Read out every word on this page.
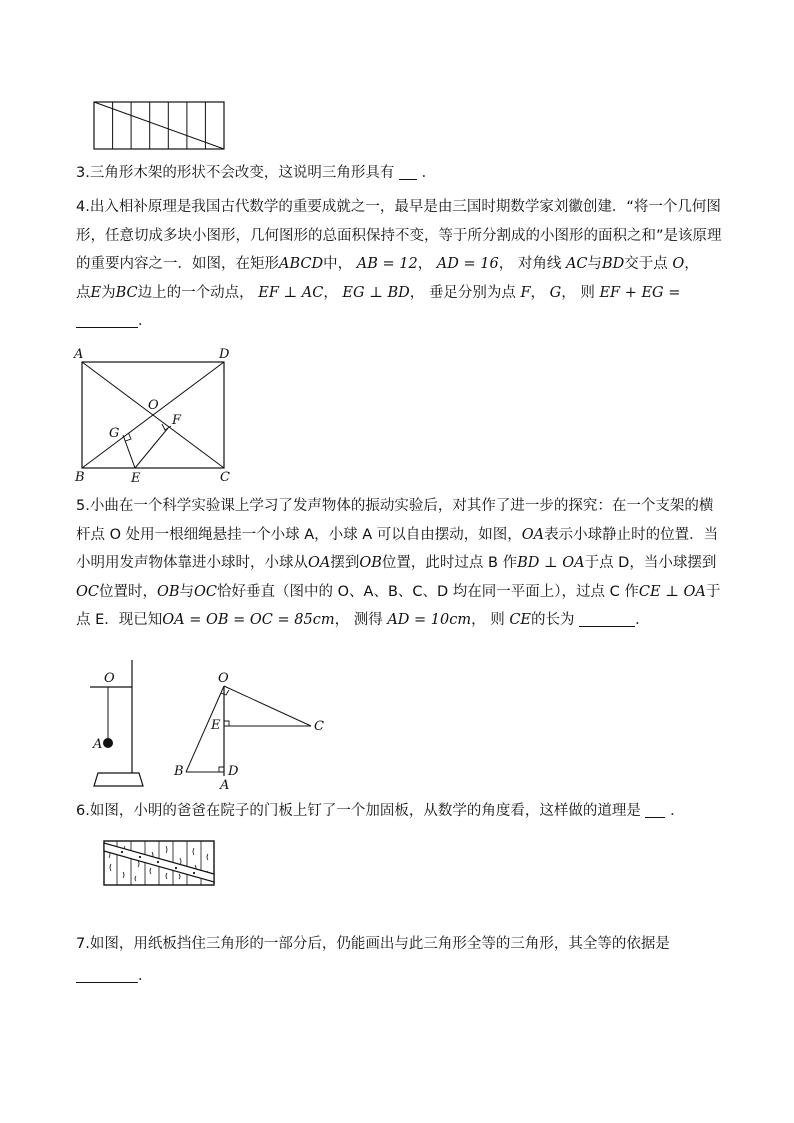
3.三角形木架的形状不会改变，这说明三角形具有 ．
4.出入相补原理是我国古代数学的重要成就之一，最早是由三国时期数学家刘徽创建．“将一个几何图
形，任意切成多块小图形，几何图形的总面积保持不变，等于所分割成的小图形的面积之和”是该原理
的重要内容之一．如图，在矩形ABCD中， AB = 12， AD = 16， 对角线 AC与BD交于点 O，
点E为BC边上的一个动点， EF ⊥ AC， EG ⊥ BD， 垂足分别为点 F， G， 则 EF + EG =
．
A	D
O
G
F
B	E	C
5.小曲在一个科学实验课上学习了发声物体的振动实验后，对其作了进一步的探究：在一个支架的横
杆点 O 处用一根细绳悬挂一个小球 A，小球 A 可以自由摆动，如图，OA表示小球静止时的位置．当
小明用发声物体靠进小球时，小球从OA摆到OB位置，此时过点 B 作BD ⊥ OA于点 D，当小球摆到
OC位置时，OB与OC恰好垂直（图中的 O、A、B、C、D 均在同一平面上），过点 C 作CE ⊥ OA于
点 E．现已知OA = OB = OC = 85cm， 测得 AD = 10cm， 则 CE的长为	．
O
A
O
E	C
B	D
A
6.如图，小明的爸爸在院子的门板上钉了一个加固板，从数学的角度看，这样做的道理是 ．
7.如图，用纸板挡住三角形的一部分后，仍能画出与此三角形全等的三角形，其全等的依据是
．
